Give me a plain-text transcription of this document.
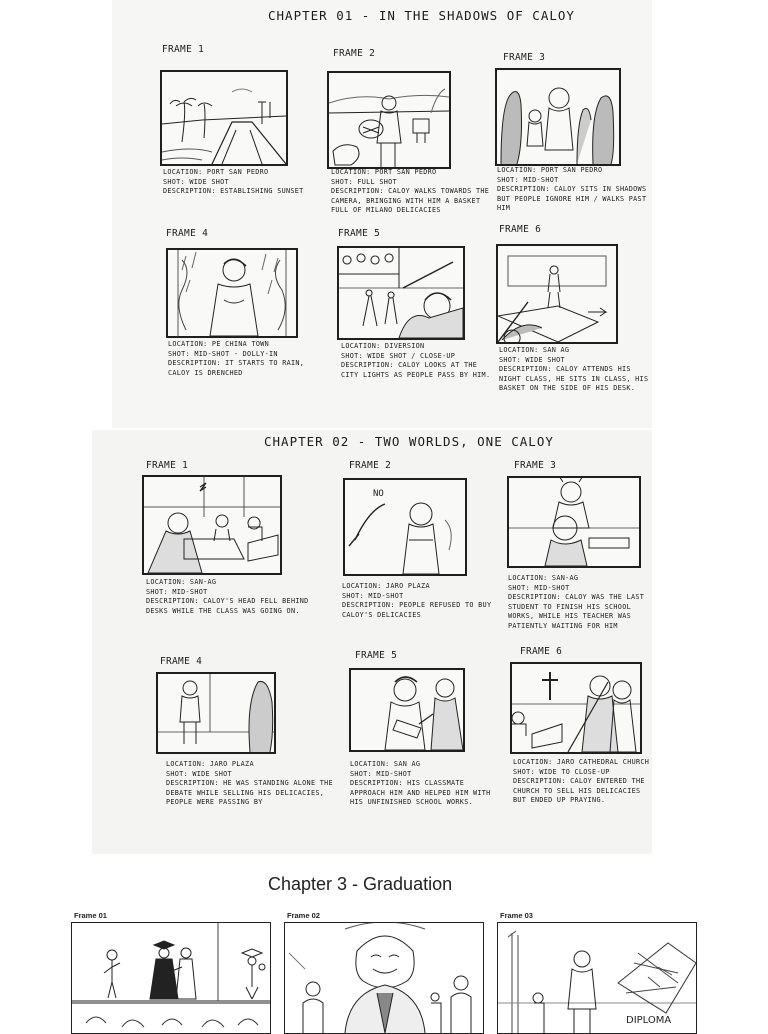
CHAPTER 01 - IN THE SHADOWS OF CALOY
FRAME 1	FRAME 2	FRAME 3
LOCATION: PORT SAN PEDRO
SHOT: WIDE SHOT
DESCRIPTION: ESTABLISHING SUNSET
LOCATION: PORT SAN PEDRO
SHOT: FULL SHOT
DESCRIPTION: CALOY WALKS TOWARDS THE CAMERA, BRINGING WITH HIM A BASKET FULL OF MILANO DELICACIES
LOCATION: PORT SAN PEDRO
SHOT: MID-SHOT
DESCRIPTION: CALOY SITS IN SHADOWS BUT PEOPLE IGNORE HIM / WALKS PAST HIM
FRAME 4	FRAME 5	FRAME 6
LOCATION: PE CHINA TOWN
SHOT: MID-SHOT - DOLLY-IN
DESCRIPTION: IT STARTS TO RAIN, CALOY IS DRENCHED
LOCATION: DIVERSION
SHOT: WIDE SHOT / CLOSE-UP
DESCRIPTION: CALOY LOOKS AT THE CITY LIGHTS AS PEOPLE PASS BY HIM.
LOCATION: SAN AG
SHOT: WIDE SHOT
DESCRIPTION: CALOY ATTENDS HIS NIGHT CLASS, HE SITS IN CLASS, HIS BASKET ON THE SIDE OF HIS DESK.
CHAPTER 02 - TWO WORLDS, ONE CALOY
FRAME 1	FRAME 2	FRAME 3
NO
LOCATION: SAN-AG
SHOT: MID-SHOT
DESCRIPTION: CALOY'S HEAD FELL BEHIND DESKS WHILE THE CLASS WAS GOING ON.
LOCATION: JARO PLAZA
SHOT: MID-SHOT
DESCRIPTION: PEOPLE REFUSED TO BUY CALOY'S DELICACIES
LOCATION: SAN-AG
SHOT: MID-SHOT
DESCRIPTION: CALOY WAS THE LAST STUDENT TO FINISH HIS SCHOOL WORKS, WHILE HIS TEACHER WAS PATIENTLY WAITING FOR HIM
FRAME 4
FRAME 5	FRAME 6
LOCATION: JARO PLAZA
SHOT: WIDE SHOT
DESCRIPTION: HE WAS STANDING ALONE THE DEBATE WHILE SELLING HIS DELICACIES, PEOPLE WERE PASSING BY
LOCATION: SAN AG
SHOT: MID-SHOT
DESCRIPTION: HIS CLASSMATE APPROACH HIM AND HELPED HIM WITH HIS UNFINISHED SCHOOL WORKS.
LOCATION: JARO CATHEDRAL CHURCH
SHOT: WIDE TO CLOSE-UP
DESCRIPTION: CALOY ENTERED THE CHURCH TO SELL HIS DELICACIES BUT ENDED UP PRAYING.
Chapter 3 - Graduation
Frame 01	Frame 02	Frame 03
DIPLOMA
